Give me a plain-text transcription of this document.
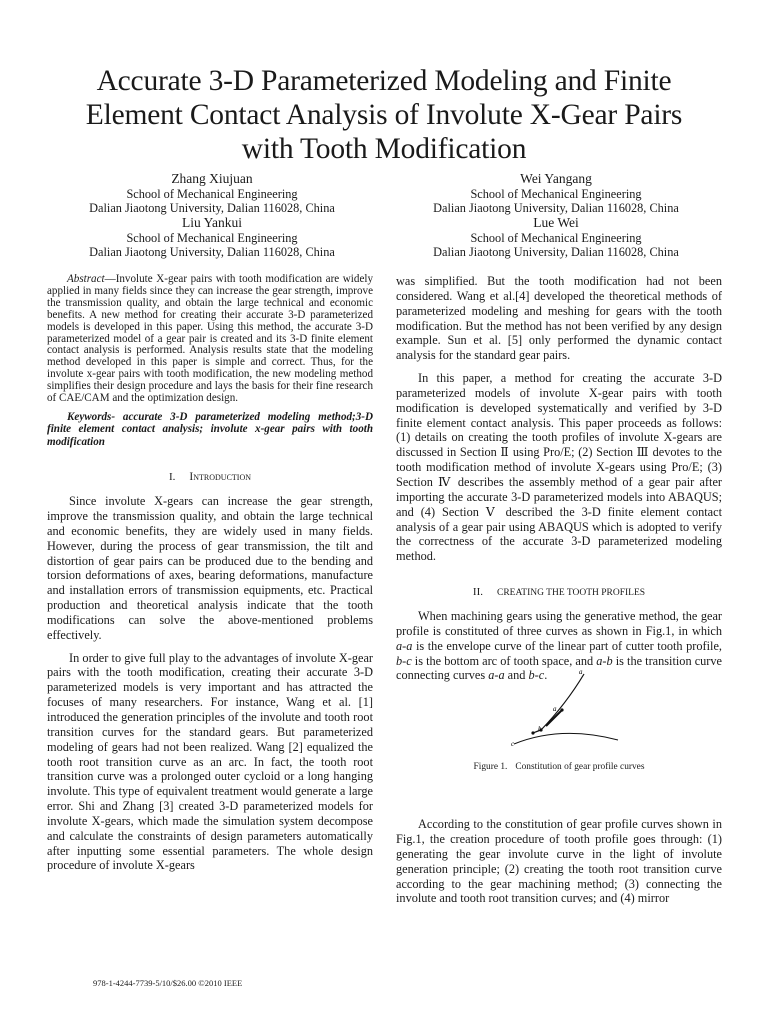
Accurate 3-D Parameterized Modeling and Finite
Element Contact Analysis of Involute X-Gear Pairs
with Tooth Modification
Zhang Xiujuan
School of Mechanical Engineering
Dalian Jiaotong University, Dalian 116028, China
Wei Yangang
School of Mechanical Engineering
Dalian Jiaotong University, Dalian 116028, China
Liu Yankui
School of Mechanical Engineering
Dalian Jiaotong University, Dalian 116028, China
Lue Wei
School of Mechanical Engineering
Dalian Jiaotong University, Dalian 116028, China

Abstract—Involute X-gear pairs with tooth modification are widely applied in many fields since they can increase the gear strength, improve the transmission quality, and obtain the large technical and economic benefits. A new method for creating their accurate 3-D parameterized models is developed in this paper. Using this method, the accurate 3-D parameterized model of a gear pair is created and its 3-D finite element contact analysis is performed. Analysis results state that the modeling method developed in this paper is simple and correct. Thus, for the involute x-gear pairs with tooth modification, the new modeling method simplifies their design procedure and lays the basis for their fine research of CAE/CAM and the optimization design.

Keywords- accurate 3-D parameterized modeling method;3-D finite element contact analysis; involute x-gear pairs with tooth modification

I. Introduction

Since involute X-gears can increase the gear strength, improve the transmission quality, and obtain the large technical and economic benefits, they are widely used in many fields. However, during the process of gear transmission, the tilt and distortion of gear pairs can be produced due to the bending and torsion deformations of axes, bearing deformations, manufacture and installation errors of transmission equipments, etc. Practical production and theoretical analysis indicate that the tooth modifications can solve the above-mentioned problems effectively.

In order to give full play to the advantages of involute X-gear pairs with the tooth modification, creating their accurate 3-D parameterized models is very important and has attracted the focuses of many researchers. For instance, Wang et al. [1] introduced the generation principles of the involute and tooth root transition curves for the standard gears. But parameterized modeling of gears had not been realized. Wang [2] equalized the tooth root transition curve as an arc. In fact, the tooth root transition curve was a prolonged outer cycloid or a long hanging involute. This type of equivalent treatment would generate a large error. Shi and Zhang [3] created 3-D parameterized models for involute X-gears, which made the simulation system decompose and calculate the constraints of design parameters automatically after inputting some essential parameters. The whole design procedure of involute X-gears

was simplified. But the tooth modification had not been considered. Wang et al.[4] developed the theoretical methods of parameterized modeling and meshing for gears with the tooth modification. But the method has not been verified by any design example. Sun et al. [5] only performed the dynamic contact analysis for the standard gear pairs.

In this paper, a method for creating the accurate 3-D parameterized models of involute X-gear pairs with tooth modification is developed systematically and verified by 3-D finite element contact analysis. This paper proceeds as follows: (1) details on creating the tooth profiles of involute X-gears are discussed in Section Ⅱ using Pro/E; (2) Section Ⅲ devotes to the tooth modification method of involute X-gears using Pro/E; (3) Section Ⅳ describes the assembly method of a gear pair after importing the accurate 3-D parameterized models into ABAQUS; and (4) Section Ⅴ described the 3-D finite element contact analysis of a gear pair using ABAQUS which is adopted to verify the correctness of the accurate 3-D parameterized modeling method.

II. CREATING THE TOOTH PROFILES

When machining gears using the generative method, the gear profile is constituted of three curves as shown in Fig.1, in which a-a is the envelope curve of the linear part of cutter tooth profile, b-c is the bottom arc of tooth space, and a-b is the transition curve connecting curves a-a and b-c.

According to the constitution of gear profile curves shown in Fig.1, the creation procedure of tooth profile goes through: (1) generating the gear involute curve in the light of involute generation principle; (2) creating the tooth root transition curve according to the gear machining method; (3) connecting the involute and tooth root transition curves; and (4) mirror

a
a
b
c
Figure 1. Constitution of gear profile curves
978-1-4244-7739-5/10/$26.00 ©2010 IEEE
